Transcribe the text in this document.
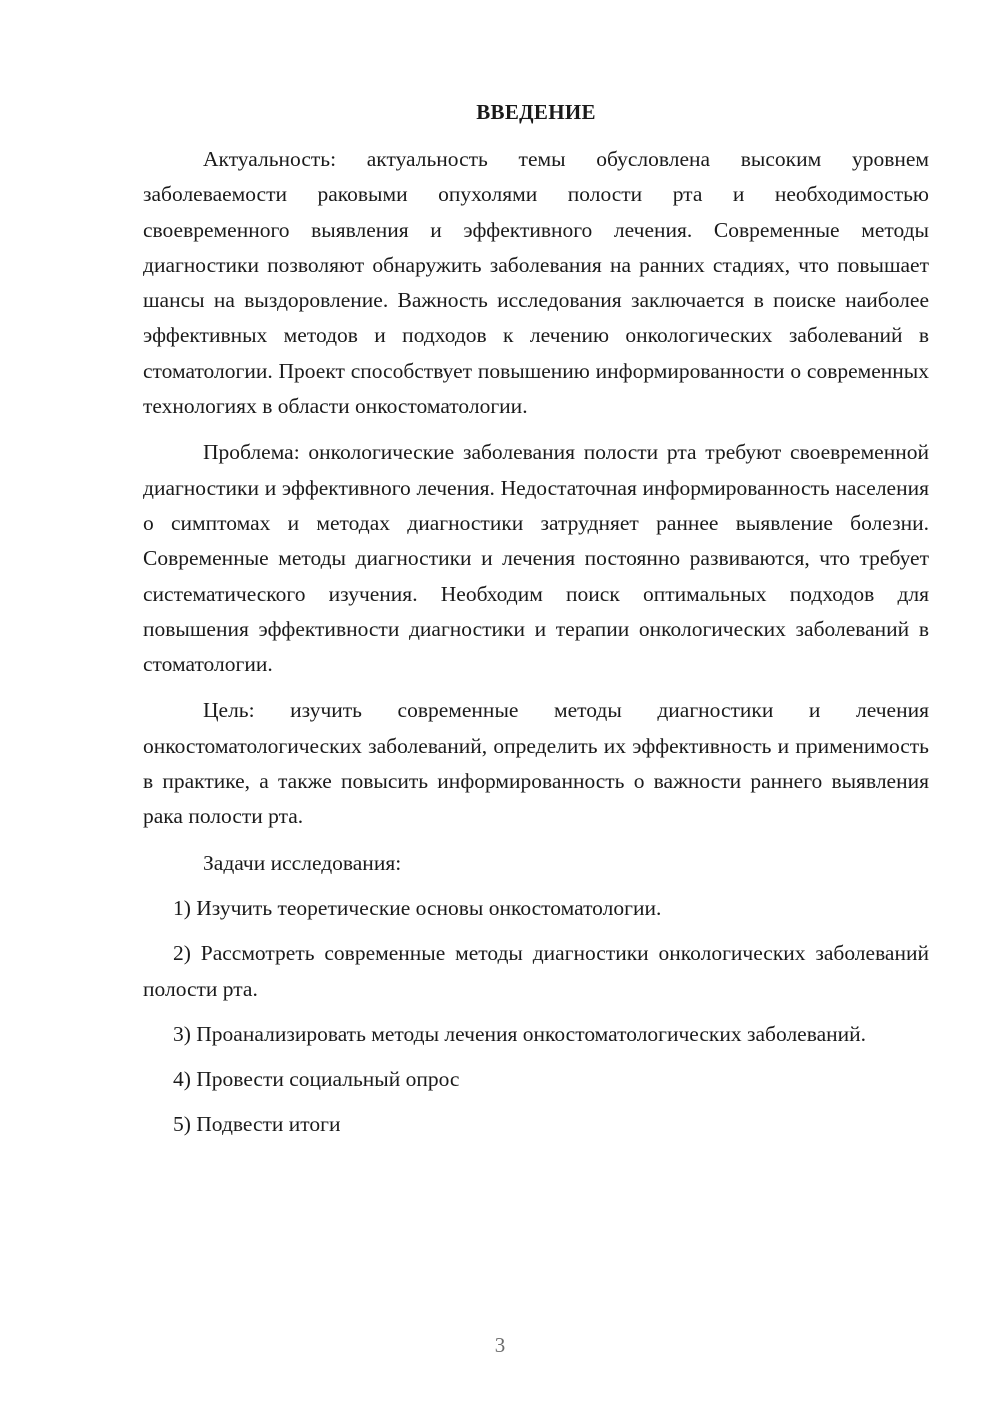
ВВЕДЕНИЕ

Актуальность: актуальность темы обусловлена высоким уровнем заболеваемости раковыми опухолями полости рта и необходимостью своевременного выявления и эффективного лечения. Современные методы диагностики позволяют обнаружить заболевания на ранних стадиях, что повышает шансы на выздоровление. Важность исследования заключается в поиске наиболее эффективных методов и подходов к лечению онкологических заболеваний в стоматологии. Проект способствует повышению информированности о современных технологиях в области онкостоматологии.

Проблема: онкологические заболевания полости рта требуют своевременной диагностики и эффективного лечения. Недостаточная информированность населения о симптомах и методах диагностики затрудняет раннее выявление болезни. Современные методы диагностики и лечения постоянно развиваются, что требует систематического изучения. Необходим поиск оптимальных подходов для повышения эффективности диагностики и терапии онкологических заболеваний в стоматологии.

Цель: изучить современные методы диагностики и лечения онкостоматологических заболеваний, определить их эффективность и применимость в практике, а также повысить информированность о важности раннего выявления рака полости рта.

Задачи исследования:

1) Изучить теоретические основы онкостоматологии.

2) Рассмотреть современные методы диагностики онкологических заболеваний полости рта.

3) Проанализировать методы лечения онкостоматологических заболеваний.

4) Провести социальный опрос

5) Подвести итоги

3
